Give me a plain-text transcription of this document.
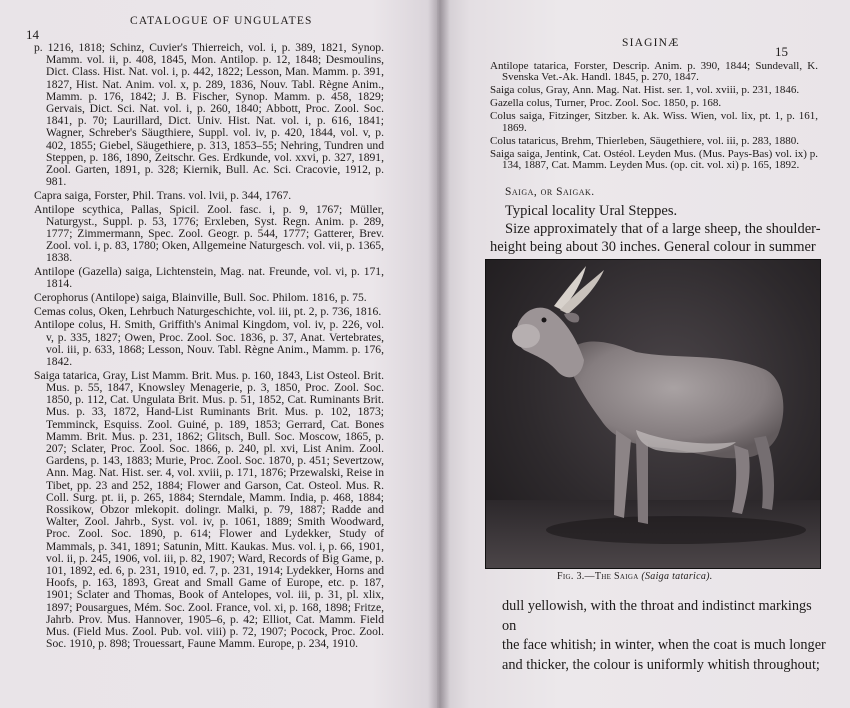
14
CATALOGUE OF UNGULATES

p. 1216, 1818; Schinz, Cuvier's Thierreich, vol. i, p. 389, 1821, Synop. Mamm. vol. ii, p. 408, 1845, Mon. Antilop. p. 12, 1848; Desmoulins, Dict. Class. Hist. Nat. vol. i, p. 442, 1822; Lesson, Man. Mamm. p. 391, 1827, Hist. Nat. Anim. vol. x, p. 289, 1836, Nouv. Tabl. Règne Anim., Mamm. p. 176, 1842; J. B. Fischer, Synop. Mamm. p. 458, 1829; Gervais, Dict. Sci. Nat. vol. i, p. 260, 1840; Abbott, Proc. Zool. Soc. 1841, p. 70; Laurillard, Dict. Univ. Hist. Nat. vol. i, p. 616, 1841; Wagner, Schreber's Säugthiere, Suppl. vol. iv, p. 420, 1844, vol. v, p. 402, 1855; Giebel, Säugethiere, p. 313, 1853–55; Nehring, Tundren und Steppen, p. 186, 1890, Zeitschr. Ges. Erdkunde, vol. xxvi, p. 327, 1891, Zool. Garten, 1891, p. 328; Kiernik, Bull. Ac. Sci. Cracovie, 1912, p. 981.

Capra saiga, Forster, Phil. Trans. vol. lvii, p. 344, 1767.

Antilope scythica, Pallas, Spicil. Zool. fasc. i, p. 9, 1767; Müller, Naturgyst., Suppl. p. 53, 1776; Erxleben, Syst. Regn. Anim. p. 289, 1777; Zimmermann, Spec. Zool. Geogr. p. 544, 1777; Gatterer, Brev. Zool. vol. i, p. 83, 1780; Oken, Allgemeine Naturgesch. vol. vii, p. 1365, 1838.

Antilope (Gazella) saiga, Lichtenstein, Mag. nat. Freunde, vol. vi, p. 171, 1814.

Cerophorus (Antilope) saiga, Blainville, Bull. Soc. Philom. 1816, p. 75.

Cemas colus, Oken, Lehrbuch Naturgeschichte, vol. iii, pt. 2, p. 736, 1816.

Antilope colus, H. Smith, Griffith's Animal Kingdom, vol. iv, p. 226, vol. v, p. 335, 1827; Owen, Proc. Zool. Soc. 1836, p. 37, Anat. Vertebrates, vol. iii, p. 633, 1868; Lesson, Nouv. Tabl. Règne Anim., Mamm. p. 176, 1842.

Saiga tatarica, Gray, List Mamm. Brit. Mus. p. 160, 1843, List Osteol. Brit. Mus. p. 55, 1847, Knowsley Menagerie, p. 3, 1850, Proc. Zool. Soc. 1850, p. 112, Cat. Ungulata Brit. Mus. p. 51, 1852, Cat. Ruminants Brit. Mus. p. 33, 1872, Hand-List Ruminants Brit. Mus. p. 102, 1873; Temminck, Esquiss. Zool. Guiné, p. 189, 1853; Gerrard, Cat. Bones Mamm. Brit. Mus. p. 231, 1862; Glitsch, Bull. Soc. Moscow, 1865, p. 207; Sclater, Proc. Zool. Soc. 1866, p. 240, pl. xvi, List Anim. Zool. Gardens, p. 143, 1883; Murie, Proc. Zool. Soc. 1870, p. 451; Severtzow, Ann. Mag. Nat. Hist. ser. 4, vol. xviii, p. 171, 1876; Przewalski, Reise in Tibet, pp. 23 and 252, 1884; Flower and Garson, Cat. Osteol. Mus. R. Coll. Surg. pt. ii, p. 265, 1884; Sterndale, Mamm. India, p. 468, 1884; Rossikow, Obzor mlekopit. dolingr. Malki, p. 79, 1887; Radde and Walter, Zool. Jahrb., Syst. vol. iv, p. 1061, 1889; Smith Woodward, Proc. Zool. Soc. 1890, p. 614; Flower and Lydekker, Study of Mammals, p. 341, 1891; Satunin, Mitt. Kaukas. Mus. vol. i, p. 66, 1901, vol. ii, p. 245, 1906, vol. iii, p. 82, 1907; Ward, Records of Big Game, p. 101, 1892, ed. 6, p. 231, 1910, ed. 7, p. 231, 1914; Lydekker, Horns and Hoofs, p. 163, 1893, Great and Small Game of Europe, etc. p. 187, 1901; Sclater and Thomas, Book of Antelopes, vol. iii, p. 31, pl. xlix, 1897; Pousargues, Mém. Soc. Zool. France, vol. xi, p. 168, 1898; Fritze, Jahrb. Prov. Mus. Hannover, 1905–6, p. 42; Elliot, Cat. Mamm. Field Mus. (Field Mus. Zool. Pub. vol. viii) p. 72, 1907; Pocock, Proc. Zool. Soc. 1910, p. 898; Trouessart, Faune Mamm. Europe, p. 234, 1910.

SIAGINÆ
15

Antilope tatarica, Forster, Descrip. Anim. p. 390, 1844; Sundevall, K. Svenska Vet.-Ak. Handl. 1845, p. 270, 1847.

Saiga colus, Gray, Ann. Mag. Nat. Hist. ser. 1, vol. xviii, p. 231, 1846.

Gazella colus, Turner, Proc. Zool. Soc. 1850, p. 168.

Colus saiga, Fitzinger, Sitzber. k. Ak. Wiss. Wien, vol. lix, pt. 1, p. 161, 1869.

Colus tataricus, Brehm, Thierleben, Säugethiere, vol. iii, p. 283, 1880.

Saiga saiga, Jentink, Cat. Ostéol. Leyden Mus. (Mus. Pays-Bas) vol. ix) p. 134, 1887, Cat. Mamm. Leyden Mus. (op. cit. vol. xi) p. 165, 1892.

Saiga, or Saigak.
Typical locality Ural Steppes.
Size approximately that of a large sheep, the shoulder-
height being about 30 inches. General colour in summer
Fig. 3.—The Saiga (Saiga tatarica).

dull yellowish, with the throat and indistinct markings on

the face whitish; in winter, when the coat is much longer

and thicker, the colour is uniformly whitish throughout;
